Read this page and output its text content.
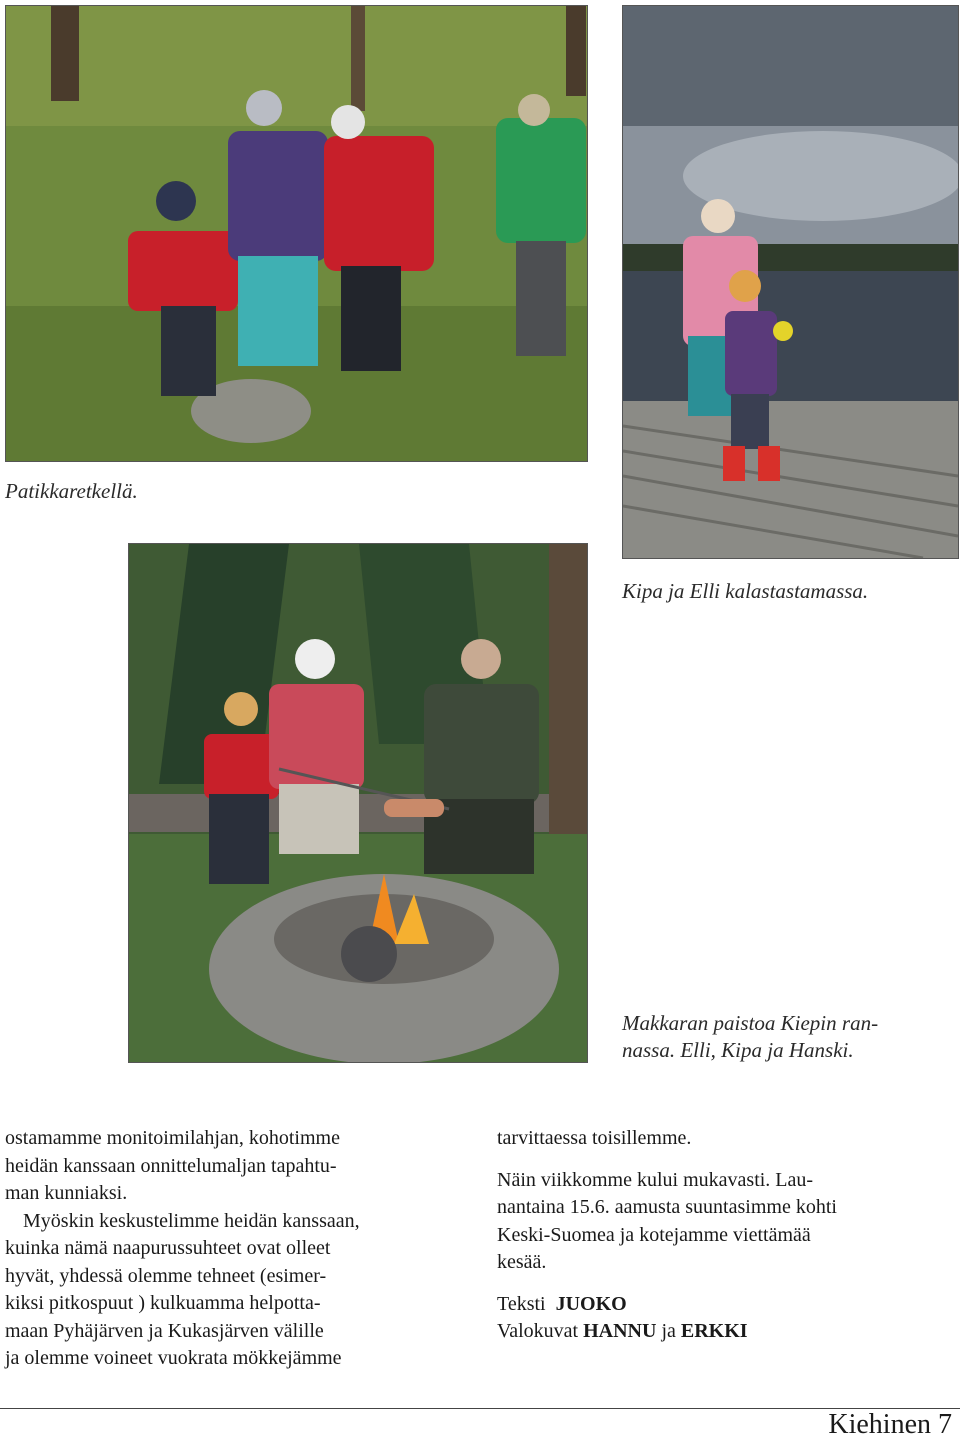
Patikkaretkellä.
Kipa ja Elli kalastastamassa.
Makkaran paistoa Kiepin ran-
nassa. Elli, Kipa ja Hanski.
ostamamme monitoimilahjan, kohotimme
heidän kanssaan onnittelumaljan tapahtu-
man kunniaksi.
Myöskin keskustelimme heidän kanssaan,
kuinka nämä naapurussuhteet ovat olleet
hyvät, yhdessä olemme tehneet (esimer-
kiksi pitkospuut ) kulkuamma helpotta-
maan Pyhäjärven ja Kukasjärven välille
ja olemme voineet vuokrata mökkejämme
tarvittaessa toisillemme.
Näin viikkomme kului mukavasti. Lau-
nantaina 15.6. aamusta suuntasimme kohti
Keski-Suomea ja kotejamme viettämää
kesää.
Teksti JUOKO
Valokuvat HANNU ja ERKKI
Kiehinen 7
